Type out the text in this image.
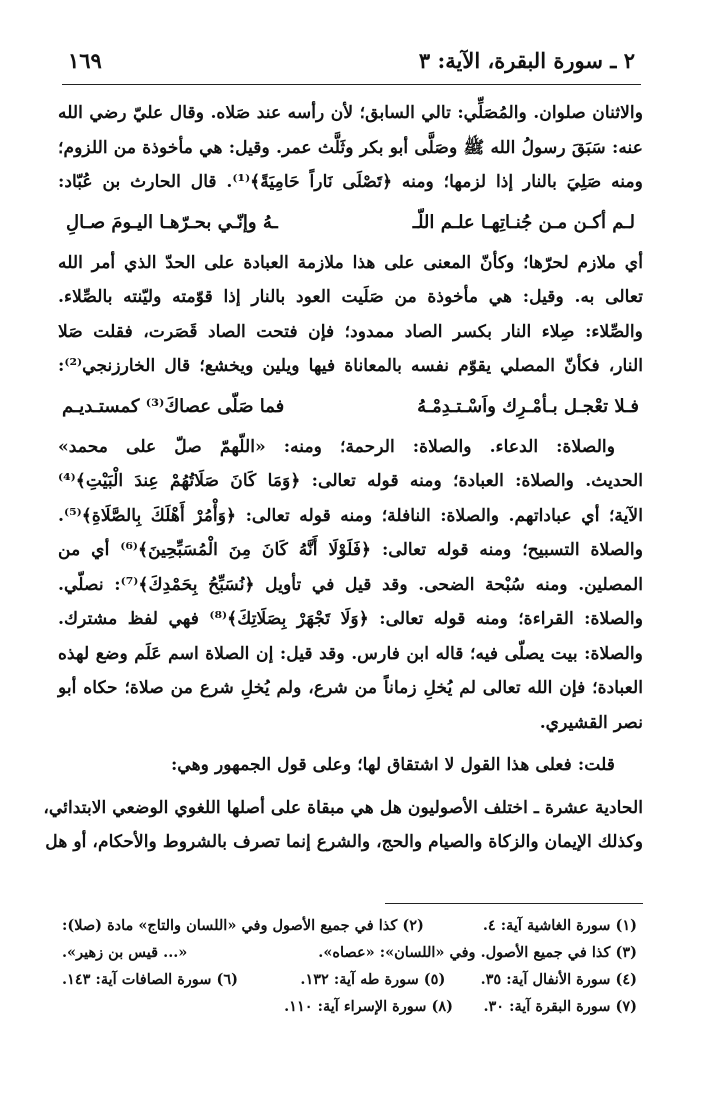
١٦٩	٢ ـ سورة البقرة، الآية: ٣
والاثنان صلوان. والمُصَلِّي: تالي السابق؛ لأن رأسه عند صَلاه. وقال عليّ رضي الله
عنه: سَبَقَ رسولُ الله ﷺ وصَلَّى أبو بكر وثَلَّث عمر. وقيل: هي مأخوذة من اللزوم؛
ومنه صَلِيَ بالنار إذا لزمها؛ ومنه ﴿تَصْلَى نَاراً حَامِيَةً﴾⁽¹⁾. قال الحارث بن عُبّاد:
لـم أكـن مـن جُنـاتِهـا علـم اللّـ
ـهُ وإنّـي بحـرّهـا اليـومَ صـالِ
أي ملازم لحرّها؛ وكأنّ المعنى على هذا ملازمة العبادة على الحدّ الذي أمر الله
تعالى به. وقيل: هي مأخوذة من صَلَيت العود بالنار إذا قوّمته وليّنته بالصِّلاء.
والصِّلاء: صِلاء النار بكسر الصاد ممدود؛ فإن فتحت الصاد قَصَرت، فقلت صَلا
النار، فكأنّ المصلي يقوّم نفسه بالمعاناة فيها ويلين ويخشع؛ قال الخارزنجي⁽²⁾:
فـلا تعْجـل بـأمْـرِك واَسْـتـدِمْـهُ
فما صَلّى عصاكَ⁽³⁾ كمستـديـم
والصلاة: الدعاء. والصلاة: الرحمة؛ ومنه: «اللّهمّ صلّ على محمد»
الحديث. والصلاة: العبادة؛ ومنه قوله تعالى: ﴿وَمَا كَانَ صَلَاتُهُمْ عِندَ الْبَيْتِ﴾⁽⁴⁾
الآية؛ أي عباداتهم. والصلاة: النافلة؛ ومنه قوله تعالى: ﴿وَأْمُرْ أَهْلَكَ بِالصَّلَاةِ﴾⁽⁵⁾.
والصلاة التسبيح؛ ومنه قوله تعالى: ﴿فَلَوْلَا أَنَّهُ كَانَ مِنَ الْمُسَبِّحِينَ﴾⁽⁶⁾ أي من
المصلين. ومنه سُبْحة الضحى. وقد قيل في تأويل ﴿نُسَبِّحُ بِحَمْدِكَ﴾⁽⁷⁾: نصلّي.
والصلاة: القراءة؛ ومنه قوله تعالى: ﴿وَلَا تَجْهَرْ بِصَلَاتِكَ﴾⁽⁸⁾ فهي لفظ مشترك.
والصلاة: بيت يصلّى فيه؛ قاله ابن فارس. وقد قيل: إن الصلاة اسم عَلَم وضع لهذه
العبادة؛ فإن الله تعالى لم يُخلِ زماناً من شرع، ولم يُخلِ شرع من صلاة؛ حكاه أبو
نصر القشيري.
قلت: فعلى هذا القول لا اشتقاق لها؛ وعلى قول الجمهور وهي:
الحادية عشرة ـ اختلف الأصوليون هل هي مبقاة على أصلها اللغوي الوضعي الابتدائي،
وكذلك الإيمان والزكاة والصيام والحج، والشرع إنما تصرف بالشروط والأحكام، أو هل
(١) سورة الغاشية آية: ٤.
(٢) كذا في جميع الأصول وفي «اللسان والتاج» مادة (صلا):
(٣) كذا في جميع الأصول. وفي «اللسان»: «عصاه».
«... قيس بن زهير».
(٤) سورة الأنفال آية: ٣٥.
(٥) سورة طه آية: ١٣٢.
(٦) سورة الصافات آية: ١٤٣.
(٧) سورة البقرة آية: ٣٠.
(٨) سورة الإسراء آية: ١١٠.
